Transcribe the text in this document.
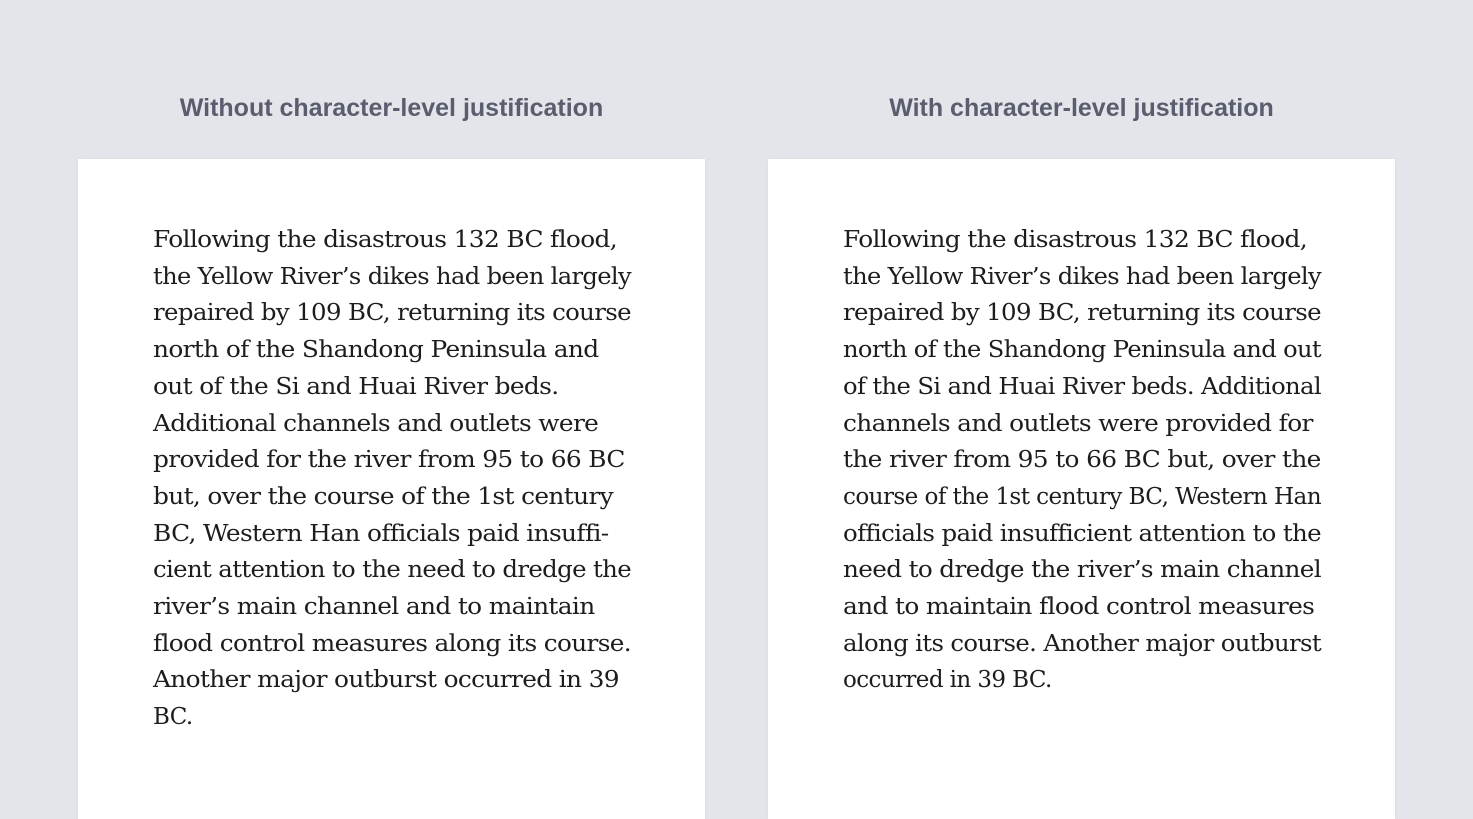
Without character-level justification	With character-level justification
Following the disastrous 132 BC flood,
the Yellow River’s dikes had been largely
repaired by 109 BC, returning its course
north of the Shandong Peninsula and
out of the Si and Huai River beds.
Additional channels and outlets were
provided for the river from 95 to 66 BC
but, over the course of the 1st century
BC, Western Han officials paid insuffi-
cient attention to the need to dredge the
river’s main channel and to maintain
flood control measures along its course.
Another major outburst occurred in 39
BC.
Following the disastrous 132 BC flood,
the Yellow River’s dikes had been largely
repaired by 109 BC, returning its course
north of the Shandong Peninsula and out
of the Si and Huai River beds. Additional
channels and outlets were provided for
the river from 95 to 66 BC but, over the
course of the 1st century BC, Western Han
officials paid insufficient attention to the
need to dredge the river’s main channel
and to maintain flood control measures
along its course. Another major outburst
occurred in 39 BC.
